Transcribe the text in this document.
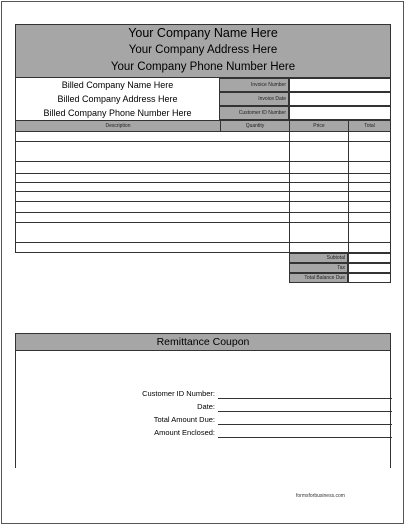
Your Company Name Here
Your Company Address Here
Your Company Phone Number Here
Billed Company Name Here
Billed Company Address Here
Billed Company Phone Number Here
Invoice Number
Invoice Date
Customer ID Number
Description	Quantity	Price	Total
Subtotal
Tax
Total Balance Due
Remittance Coupon
Customer ID Number:
Date:
Total Amount Due:
Amount Enclosed:
formsforbusiness.com
